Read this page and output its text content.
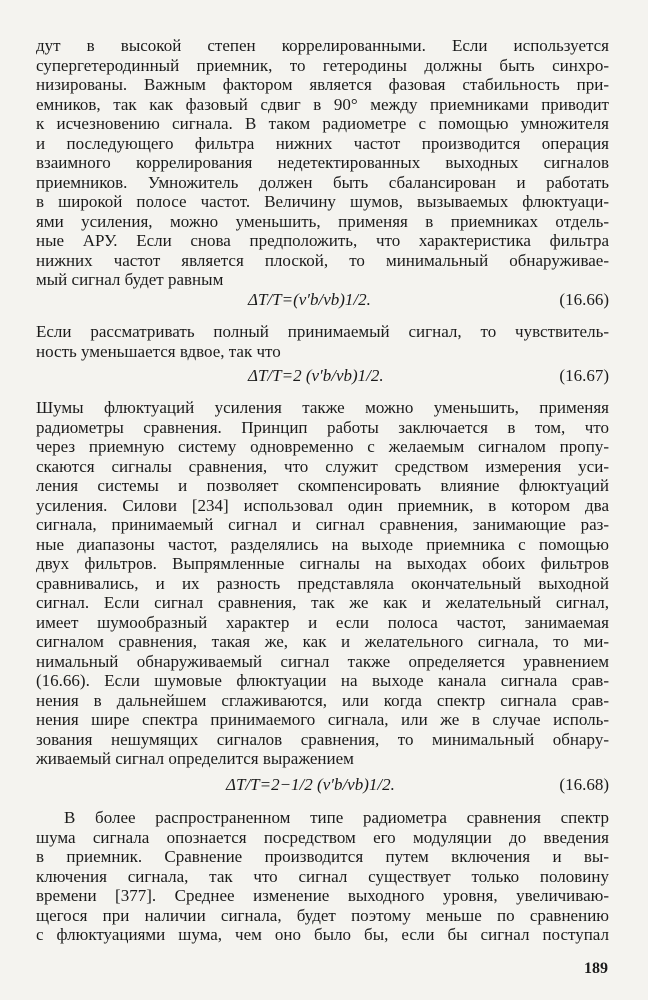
дут в высокой степен коррелированными. Если используется
супергетеродинный приемник, то гетеродины должны быть синхро-
низированы. Важным фактором является фазовая стабильность при-
емников, так как фазовый сдвиг в 90° между приемниками приводит
к исчезновению сигнала. В таком радиометре с помощью умножителя
и последующего фильтра нижних частот производится операция
взаимного коррелирования недетектированных выходных сигналов
приемников. Умножитель должен быть сбалансирован и работать
в широкой полосе частот. Величину шумов, вызываемых флюктуаци-
ями усиления, можно уменьшить, применяя в приемниках отдель-
ные АРУ. Если снова предположить, что характеристика фильтра
нижних частот является плоской, то минимальный обнаруживае-
мый сигнал будет равным
ΔT/T=(ν′b/νb)1/2.	(16.66)
Если рассматривать полный принимаемый сигнал, то чувствитель-
ность уменьшается вдвое, так что
ΔT/T=2 (ν′b/νb)1/2.	(16.67)
Шумы флюктуаций усиления также можно уменьшить, применяя
радиометры сравнения. Принцип работы заключается в том, что
через приемную систему одновременно с желаемым сигналом пропу-
скаются сигналы сравнения, что служит средством измерения уси-
ления системы и позволяет скомпенсировать влияние флюктуаций
усиления. Силови [234] использовал один приемник, в котором два
сигнала, принимаемый сигнал и сигнал сравнения, занимающие раз-
ные диапазоны частот, разделялись на выходе приемника с помощью
двух фильтров. Выпрямленные сигналы на выходах обоих фильтров
сравнивались, и их разность представляла окончательный выходной
сигнал. Если сигнал сравнения, так же как и желательный сигнал,
имеет шумообразный характер и если полоса частот, занимаемая
сигналом сравнения, такая же, как и желательного сигнала, то ми-
нимальный обнаруживаемый сигнал также определяется уравнением
(16.66). Если шумовые флюктуации на выходе канала сигнала срав-
нения в дальнейшем сглаживаются, или когда спектр сигнала срав-
нения шире спектра принимаемого сигнала, или же в случае исполь-
зования нешумящих сигналов сравнения, то минимальный обнару-
живаемый сигнал определится выражением
ΔT/T=2−1/2 (ν′b/νb)1/2.	(16.68)
В более распространенном типе радиометра сравнения спектр
шума сигнала опознается посредством его модуляции до введения
в приемник. Сравнение производится путем включения и вы-
ключения сигнала, так что сигнал существует только половину
времени [377]. Среднее изменение выходного уровня, увеличиваю-
щегося при наличии сигнала, будет поэтому меньше по сравнению
с флюктуациями шума, чем оно было бы, если бы сигнал поступал
189
